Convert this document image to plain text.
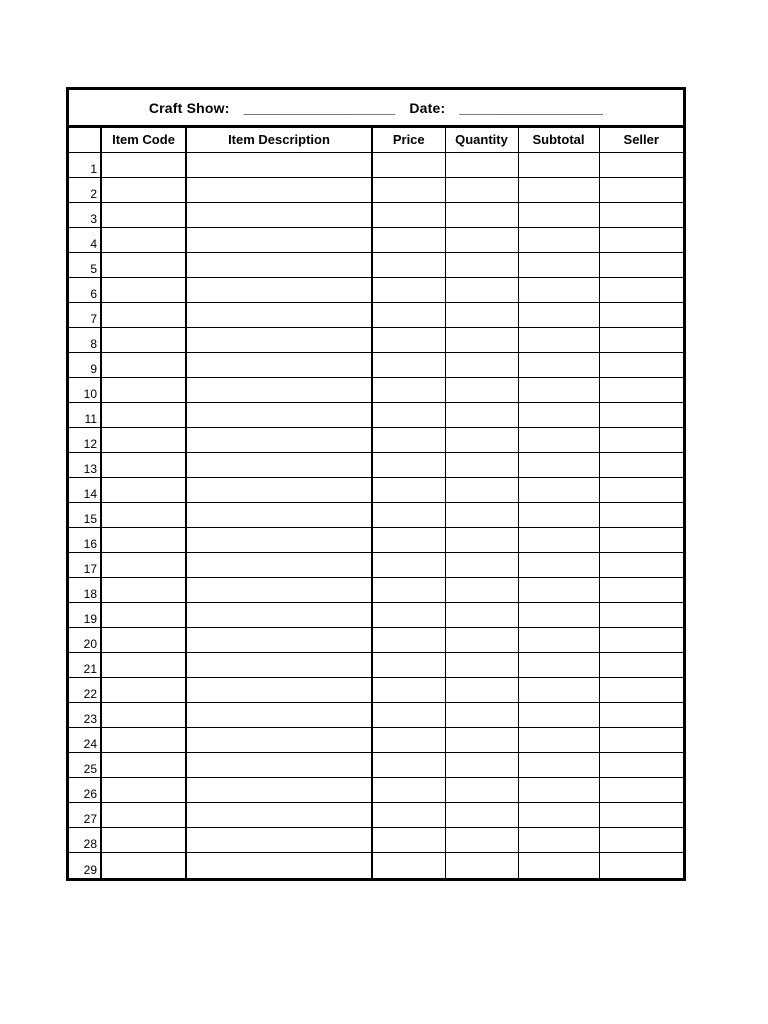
Craft Show: ___________________ Date: __________________
	Item Code	Item Description	Price	Quantity	Subtotal	Seller
1						
2						
3						
4						
5						
6						
7						
8						
9						
10						
11						
12						
13						
14						
15						
16						
17						
18						
19						
20						
21						
22						
23						
24						
25						
26						
27						
28						
29						
